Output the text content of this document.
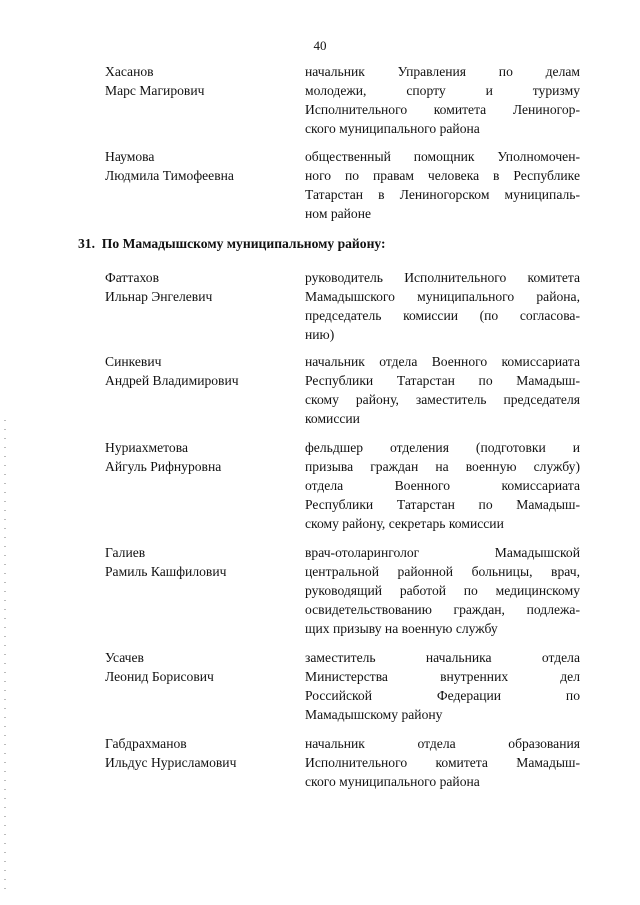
40
Хасанов
Марс Магирович
начальник Управления по делам
молодежи, спорту и туризму
Исполнительного комитета Лениногор-
ского муниципального района
Наумова
Людмила Тимофеевна
общественный помощник Уполномочен-
ного по правам человека в Республике
Татарстан в Лениногорском муниципаль-
ном районе
31. По Мамадышскому муниципальному району:
Фаттахов
Ильнар Энгелевич
руководитель Исполнительного комитета
Мамадышского муниципального района,
председатель комиссии (по согласова-
нию)
Синкевич
Андрей Владимирович
начальник отдела Военного комиссариата
Республики Татарстан по Мамадыш-
скому району, заместитель председателя
комиссии
Нуриахметова
Айгуль Рифнуровна
фельдшер отделения (подготовки и
призыва граждан на военную службу)
отдела Военного комиссариата
Республики Татарстан по Мамадыш-
скому району, секретарь комиссии
Галиев
Рамиль Кашфилович
врач-отоларинголог Мамадышской
центральной районной больницы, врач,
руководящий работой по медицинскому
освидетельствованию граждан, подлежа-
щих призыву на военную службу
Усачев
Леонид Борисович
заместитель начальника отдела
Министерства внутренних дел
Российской Федерации по
Мамадышскому району
Габдрахманов
Ильдус Нурисламович
начальник отдела образования
Исполнительного комитета Мамадыш-
ского муниципального района
